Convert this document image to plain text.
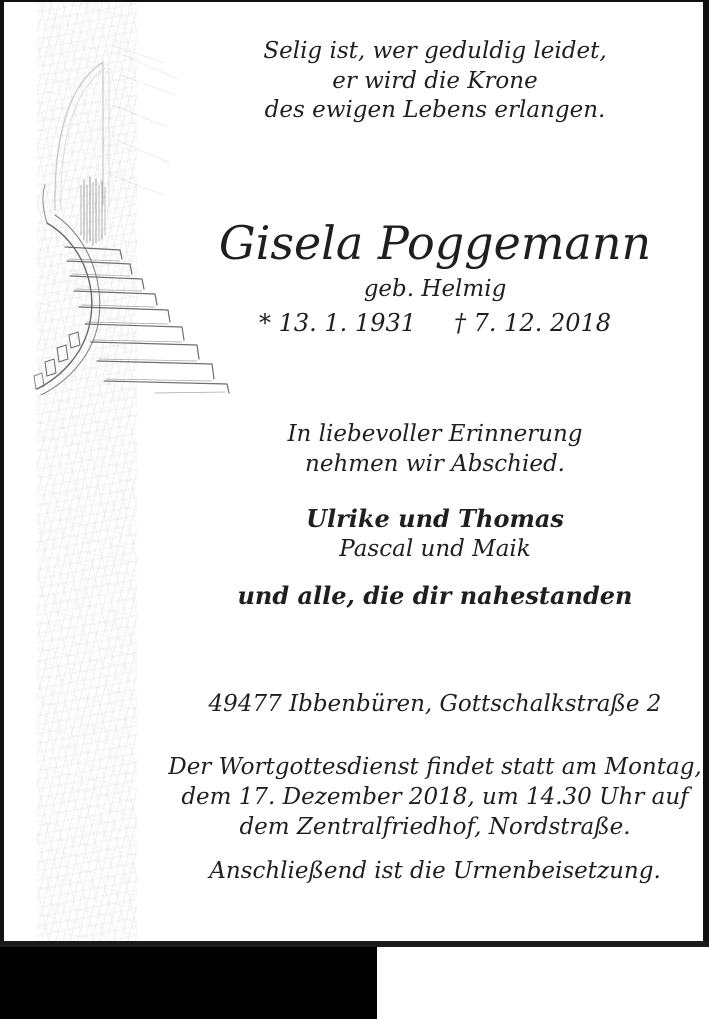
Selig ist, wer geduldig leidet,
er wird die Krone
des ewigen Lebens erlangen.
Gisela Poggemann
geb. Helmig
* 13. 1. 1931 † 7. 12. 2018
In liebevoller Erinnerung
nehmen wir Abschied.
Ulrike und Thomas
Pascal und Maik
und alle, die dir nahestanden
49477 Ibbenbüren, Gottschalkstraße 2
Der Wortgottesdienst findet statt am Montag,
dem 17. Dezember 2018, um 14.30 Uhr auf
dem Zentralfriedhof, Nordstraße.
Anschließend ist die Urnenbeisetzung.
